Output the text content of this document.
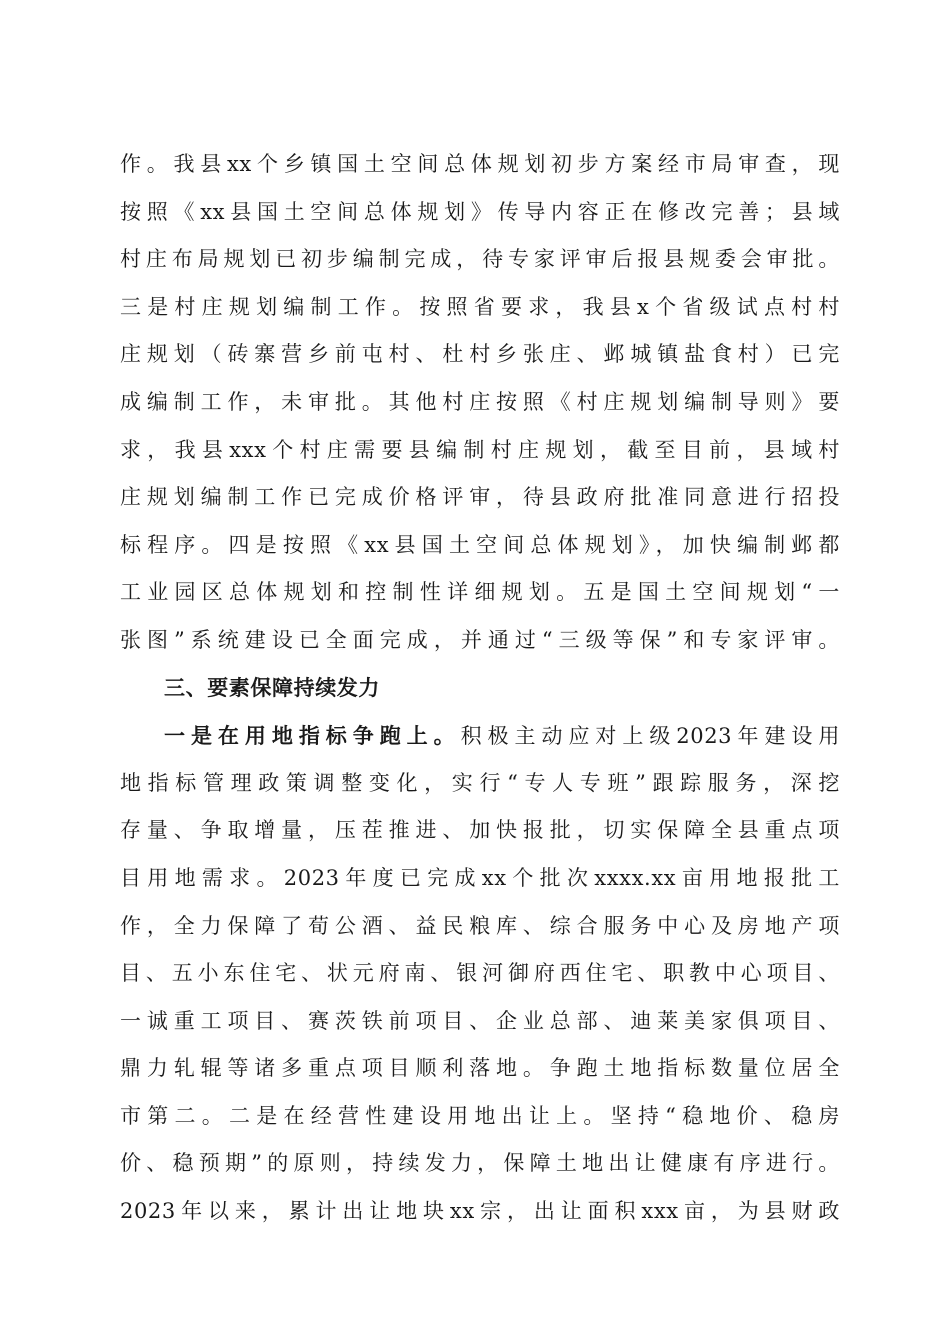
作。我县xx个乡镇国土空间总体规划初步方案经市局审查，现
按照《xx县国土空间总体规划》传导内容正在修改完善；县域
村庄布局规划已初步编制完成，待专家评审后报县规委会审批。
三是村庄规划编制工作。按照省要求，我县x个省级试点村村
庄规划（砖寨营乡前屯村、杜村乡张庄、邺城镇盐食村）已完
成编制工作，未审批。其他村庄按照《村庄规划编制导则》要
求，我县xxx个村庄需要县编制村庄规划，截至目前，县域村
庄规划编制工作已完成价格评审，待县政府批准同意进行招投
标程序。四是按照《xx县国土空间总体规划》，加快编制邺都
工业园区总体规划和控制性详细规划。五是国土空间规划“一
张图”系统建设已全面完成，并通过“三级等保”和专家评审。
三、要素保障持续发力
一是在用地指标争跑上。积极主动应对上级2023年建设用
地指标管理政策调整变化，实行“专人专班”跟踪服务，深挖
存量、争取增量，压茬推进、加快报批，切实保障全县重点项
目用地需求。2023年度已完成xx个批次xxxx.xx亩用地报批工
作，全力保障了荀公酒、益民粮库、综合服务中心及房地产项
目、五小东住宅、状元府南、银河御府西住宅、职教中心项目、
一诚重工项目、赛茨铁前项目、企业总部、迪莱美家俱项目、
鼎力轧辊等诸多重点项目顺利落地。争跑土地指标数量位居全
市第二。二是在经营性建设用地出让上。坚持“稳地价、稳房
价、稳预期”的原则，持续发力，保障土地出让健康有序进行。
2023年以来，累计出让地块xx宗，出让面积xxx亩，为县财政
